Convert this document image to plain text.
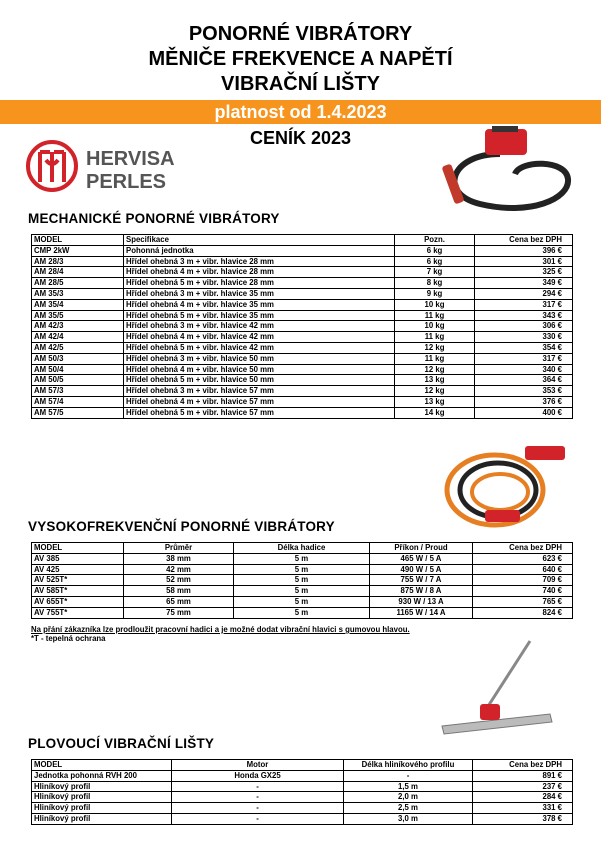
PONORNÉ VIBRÁTORY
MĚNIČE FREKVENCE A NAPĚTÍ
VIBRAČNÍ LIŠTY
platnost od 1.4.2023
CENÍK 2023
HERVISA
PERLES
MECHANICKÉ PONORNÉ VIBRÁTORY
MODEL	Specifikace	Pozn.	Cena bez DPH
CMP 2kW	Pohonná jednotka	6 kg	396 €
AM 28/3	Hřídel ohebná 3 m + vibr. hlavice 28 mm	6 kg	301 €
AM 28/4	Hřídel ohebná 4 m + vibr. hlavice 28 mm	7 kg	325 €
AM 28/5	Hřídel ohebná 5 m + vibr. hlavice 28 mm	8 kg	349 €
AM 35/3	Hřídel ohebná 3 m + vibr. hlavice 35 mm	9 kg	294 €
AM 35/4	Hřídel ohebná 4 m + vibr. hlavice 35 mm	10 kg	317 €
AM 35/5	Hřídel ohebná 5 m + vibr. hlavice 35 mm	11 kg	343 €
AM 42/3	Hřídel ohebná 3 m + vibr. hlavice 42 mm	10 kg	306 €
AM 42/4	Hřídel ohebná 4 m + vibr. hlavice 42 mm	11 kg	330 €
AM 42/5	Hřídel ohebná 5 m + vibr. hlavice 42 mm	12 kg	354 €
AM 50/3	Hřídel ohebná 3 m + vibr. hlavice 50 mm	11 kg	317 €
AM 50/4	Hřídel ohebná 4 m + vibr. hlavice 50 mm	12 kg	340 €
AM 50/5	Hřídel ohebná 5 m + vibr. hlavice 50 mm	13 kg	364 €
AM 57/3	Hřídel ohebná 3 m + vibr. hlavice 57 mm	12 kg	353 €
AM 57/4	Hřídel ohebná 4 m + vibr. hlavice 57 mm	13 kg	376 €
AM 57/5	Hřídel ohebná 5 m + vibr. hlavice 57 mm	14 kg	400 €
VYSOKOFREKVENČNÍ PONORNÉ VIBRÁTORY
MODEL	Průměr	Délka hadice	Příkon / Proud	Cena bez DPH
AV 385	38 mm	5 m	465 W / 5 A	623 €
AV 425	42 mm	5 m	490 W / 5 A	640 €
AV 525T*	52 mm	5 m	755 W / 7 A	709 €
AV 585T*	58 mm	5 m	875 W / 8 A	740 €
AV 655T*	65 mm	5 m	930 W / 13 A	765 €
AV 755T*	75 mm	5 m	1165 W / 14 A	824 €
Na přání zákazníka lze prodloužit pracovní hadici a je možné dodat vibrační hlavici s gumovou hlavou.
*T - tepelná ochrana
PLOVOUCÍ VIBRAČNÍ LIŠTY
MODEL	Motor	Délka hliníkového profilu	Cena bez DPH
Jednotka pohonná RVH 200	Honda GX25	-	891 €
Hliníkový profil	-	1,5 m	237 €
Hliníkový profil	-	2,0 m	284 €
Hliníkový profil	-	2,5 m	331 €
Hliníkový profil	-	3,0 m	378 €
